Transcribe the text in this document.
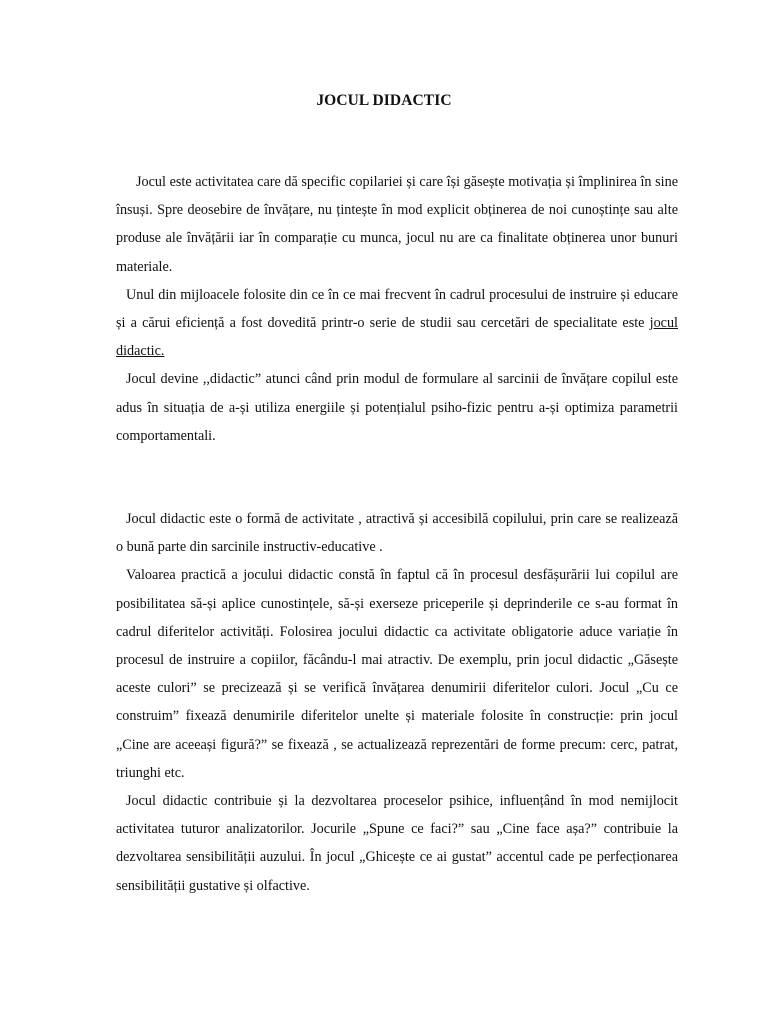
JOCUL DIDACTIC

Jocul este activitatea care dă specific copilariei și care își găsește motivația și împlinirea în sine însuși. Spre deosebire de învățare, nu țintește în mod explicit obținerea de noi cunoștințe sau alte produse ale învățării iar în comparație cu munca, jocul nu are ca finalitate obținerea unor bunuri materiale.

Unul din mijloacele folosite din ce în ce mai frecvent în cadrul procesului de instruire și educare și a cărui eficiență a fost dovedită printr-o serie de studii sau cercetări de specialitate este jocul didactic.

Jocul devine ,,didactic” atunci când prin modul de formulare al sarcinii de învățare copilul este adus în situația de a-și utiliza energiile și potențialul psiho-fizic pentru a-și optimiza parametrii comportamentali.

Jocul didactic este o formă de activitate , atractivă și accesibilă copilului, prin care se realizează o bună parte din sarcinile instructiv-educative .

Valoarea practică a jocului didactic constă în faptul că în procesul desfășurării lui copilul are posibilitatea să-și aplice cunostințele, să-și exerseze priceperile și deprinderile ce s-au format în cadrul diferitelor activități. Folosirea jocului didactic ca activitate obligatorie aduce variație în procesul de instruire a copiilor, făcându-l mai atractiv. De exemplu, prin jocul didactic „Găsește aceste culori” se precizează și se verifică învățarea denumirii diferitelor culori. Jocul „Cu ce construim” fixează denumirile diferitelor unelte și materiale folosite în construcție: prin jocul „Cine are aceeași figură?” se fixează , se actualizează reprezentări de forme precum: cerc, patrat, triunghi etc.

Jocul didactic contribuie și la dezvoltarea proceselor psihice, influențând în mod nemijlocit activitatea tuturor analizatorilor. Jocurile „Spune ce faci?” sau „Cine face așa?” contribuie la dezvoltarea sensibilității auzului. În jocul „Ghicește ce ai gustat” accentul cade pe perfecționarea sensibilității gustative și olfactive.
